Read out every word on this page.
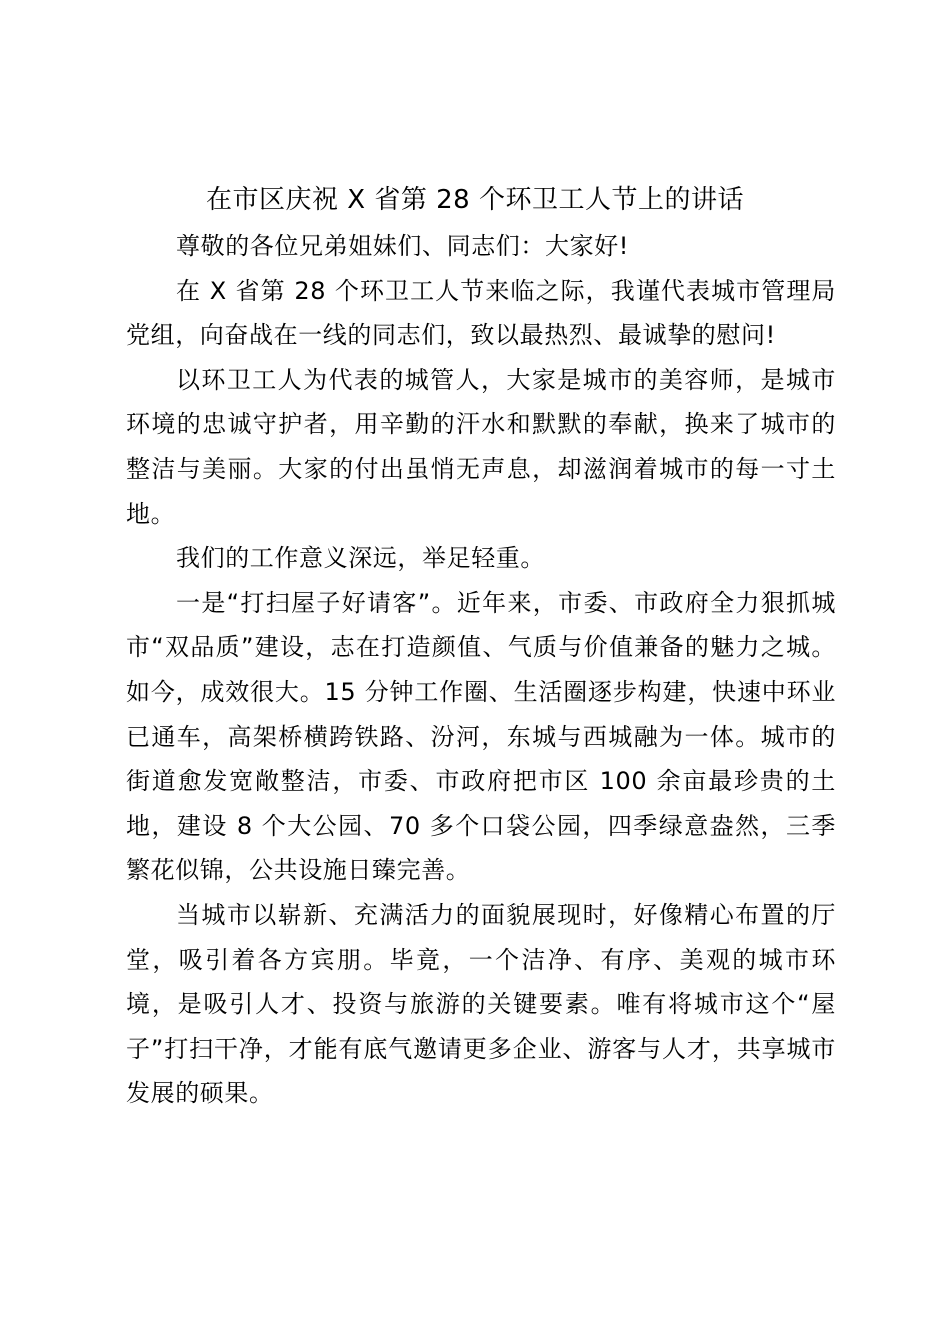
在市区庆祝 X 省第 28 个环卫工人节上的讲话

尊敬的各位兄弟姐妹们、同志们：大家好!

在 X 省第 28 个环卫工人节来临之际，我谨代表城市管理局党组，向奋战在一线的同志们，致以最热烈、最诚挚的慰问!

以环卫工人为代表的城管人，大家是城市的美容师，是城市环境的忠诚守护者，用辛勤的汗水和默默的奉献，换来了城市的整洁与美丽。大家的付出虽悄无声息，却滋润着城市的每一寸土地。

我们的工作意义深远，举足轻重。

一是“打扫屋子好请客”。近年来，市委、市政府全力狠抓城市“双品质”建设，志在打造颜值、气质与价值兼备的魅力之城。如今，成效很大。15 分钟工作圈、生活圈逐步构建，快速中环业已通车，高架桥横跨铁路、汾河，东城与西城融为一体。城市的街道愈发宽敞整洁，市委、市政府把市区 100 余亩最珍贵的土地，建设 8 个大公园、70 多个口袋公园，四季绿意盎然，三季繁花似锦，公共设施日臻完善。

当城市以崭新、充满活力的面貌展现时，好像精心布置的厅堂，吸引着各方宾朋。毕竟，一个洁净、有序、美观的城市环境，是吸引人才、投资与旅游的关键要素。唯有将城市这个“屋子”打扫干净，才能有底气邀请更多企业、游客与人才，共享城市发展的硕果。
